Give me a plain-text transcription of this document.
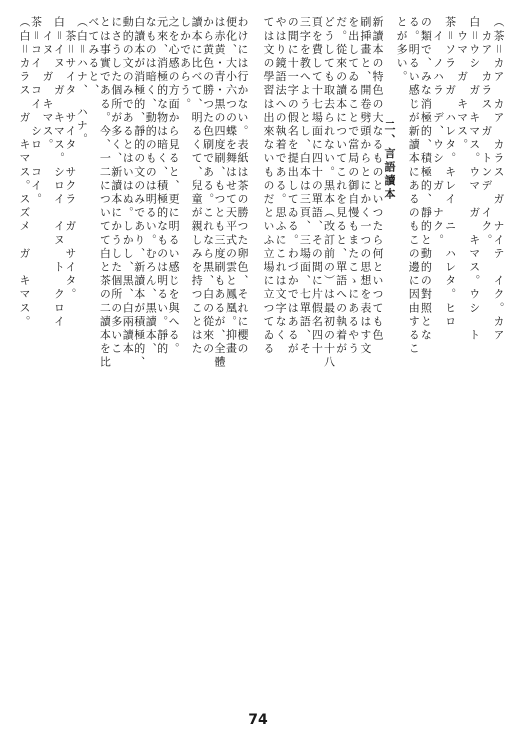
（茶＝カア　カア　カラス　ガ　ナイテ　イク。カア
　カア　カラス　ガ　トンデ　イク。
白＝ウシ　ガ　キマス。ウマ　ガ　キマス。ウシ　ト
　ウマ　ガ　キマス。
茶＝ソラ　ガ　ハレタ。キレイ　ニ　ハレタ。ヒロ
　イ　ノハラ　デ、ウシ　ガ　ナク。
の類で、みな消極的、積極的、靜的と動的の對照とな
る。明るい感じが新讀本にあるのもこの邊に因由するこ
とが多い。
二、言語讀本
新讀本の特色の大なるものといつたら何といつても色
刷挿畫と、開卷劈頭からとにかく一つの思想を表はす文
を出してゐることで當局の御自慢もまたこゝにあるやう
だ。從來の讀本についてこれを見ると、單語への執着が
どうしても取去られない。黒本（改訂前の）は最初の十八
頁を費して十七場面に四十の單語、その間に片假名四十
三字を教へようとし、白本は三頁、三場面、七單語、そ
の間に十一字の假名を提出してゐる。わづかではあるが
やはり鏡語法への執着である。思ふにこれは文字なく
ては文の學習は出來ないものだといふ立場に立つてゐる
74
わけには行かない。表紙は茶の勝つた卵色、それに櫻の
便化、大小六つの蝶を舞はせて天平式の雲と鳳凰。抑畫
は赤黄・青・黒の四度刷、もつとも三度刷もあるが、全體
から黄色の勝つた色刷である。これなら黒、白の從來の
讀本に比べて、明るくて、兒童が親しみを持つことはた
しかであらう。
之を心感の方面から見ると、更に明るい感じを與へる。
元來、消極的な物は暗く、積極的なものは明るい。靜的
なものは暗く、動的のものは明るい。むろん、黒讀本、
白讀本が消極的、靜的の文のみであり、新讀本が積極的、
動的の文のみであるとはいはぬ。しかし、黒、白兩讀本
にさうした個所が多く、新讀本にかうした個所の多いこ
とは事實である。今、一二についてて白と茶の二讀本を比
べてみると、
（白＝ハナ、　ハナ。
　茶＝サイタ　サイタ　サクラ　ガ　サイタ。
白＝イヌ　ガ　キマス。シロイ　イヌ　ト　クロイ
　イヌ　ガ　キマス。
茶＝コイ　コイ　シロ　コイ。
（白＝カラス　ガ　キマス。スズメ　ガ　キマス。
